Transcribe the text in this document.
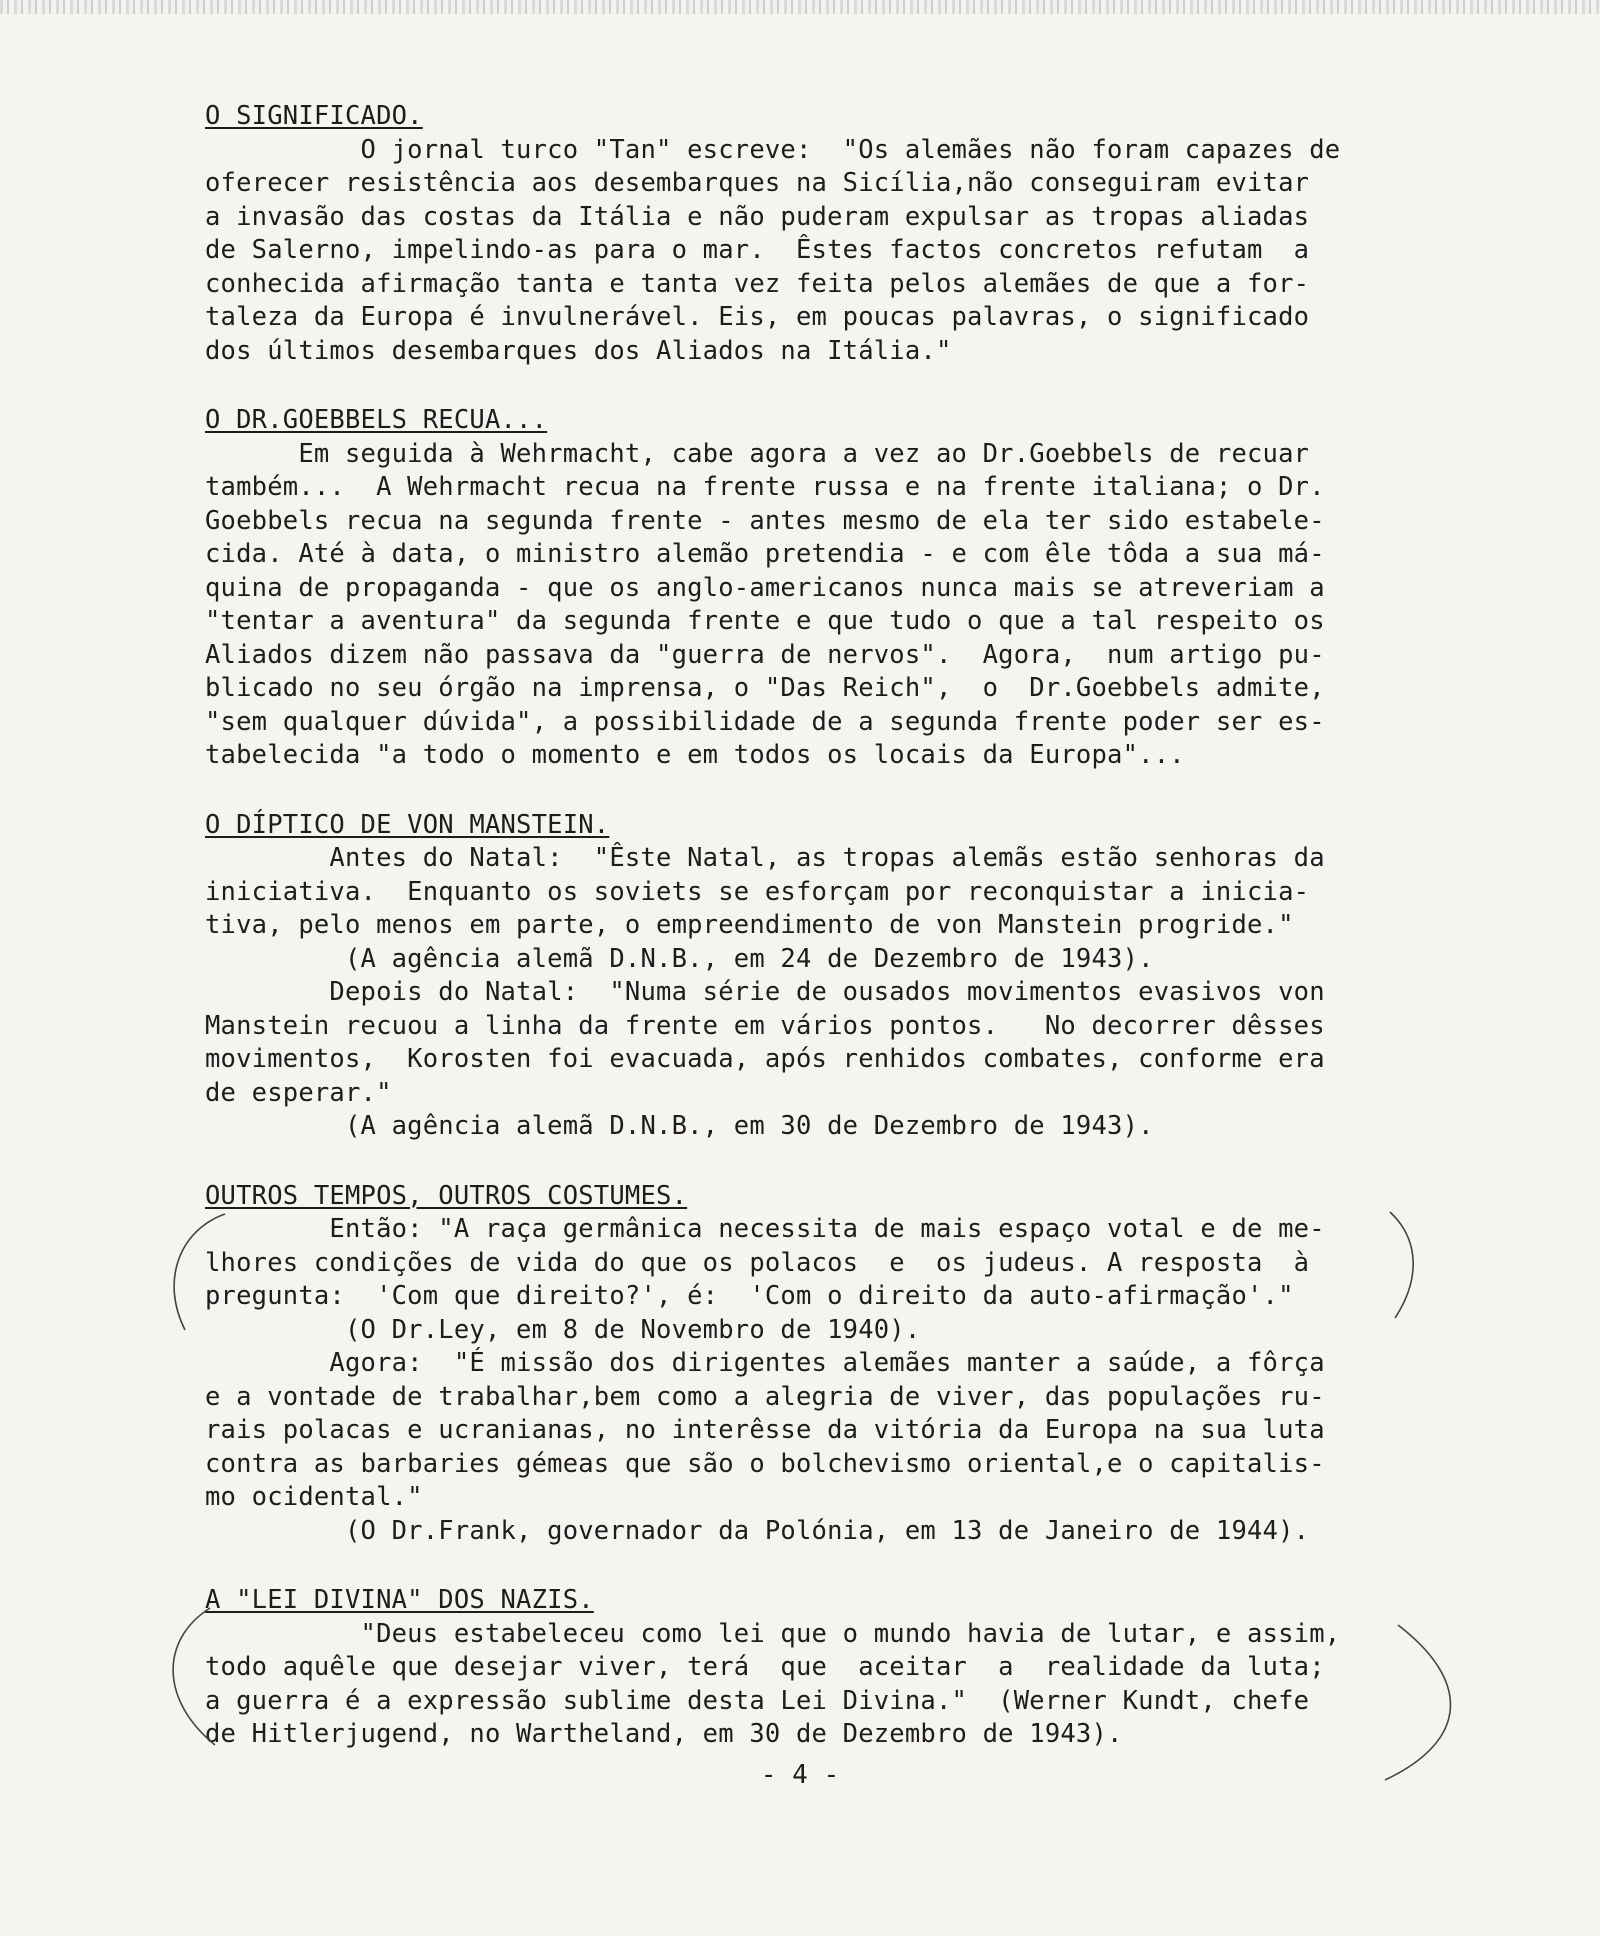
O SIGNIFICADO.
O jornal turco "Tan" escreve:  "Os alemães não foram capazes de
oferecer resistência aos desembarques na Sicília,não conseguiram evitar
a invasão das costas da Itália e não puderam expulsar as tropas aliadas
de Salerno, impelindo-as para o mar.  Êstes factos concretos refutam  a
conhecida afirmação tanta e tanta vez feita pelos alemães de que a for-
taleza da Europa é invulnerável. Eis, em poucas palavras, o significado
dos últimos desembarques dos Aliados na Itália."
O DR.GOEBBELS RECUA...
Em seguida à Wehrmacht, cabe agora a vez ao Dr.Goebbels de recuar
também...  A Wehrmacht recua na frente russa e na frente italiana; o Dr.
Goebbels recua na segunda frente - antes mesmo de ela ter sido estabele-
cida. Até à data, o ministro alemão pretendia - e com êle tôda a sua má-
quina de propaganda - que os anglo-americanos nunca mais se atreveriam a
"tentar a aventura" da segunda frente e que tudo o que a tal respeito os
Aliados dizem não passava da "guerra de nervos".  Agora,  num artigo pu-
blicado no seu órgão na imprensa, o "Das Reich",  o  Dr.Goebbels admite,
"sem qualquer dúvida", a possibilidade de a segunda frente poder ser es-
tabelecida "a todo o momento e em todos os locais da Europa"...
O DÍPTICO DE VON MANSTEIN.
Antes do Natal:  "Êste Natal, as tropas alemãs estão senhoras da
iniciativa.  Enquanto os soviets se esforçam por reconquistar a inicia-
tiva, pelo menos em parte, o empreendimento de von Manstein progride."
(A agência alemã D.N.B., em 24 de Dezembro de 1943).
Depois do Natal:  "Numa série de ousados movimentos evasivos von
Manstein recuou a linha da frente em vários pontos.   No decorrer dêsses
movimentos,  Korosten foi evacuada, após renhidos combates, conforme era
de esperar."
(A agência alemã D.N.B., em 30 de Dezembro de 1943).
OUTROS TEMPOS, OUTROS COSTUMES.
Então: "A raça germânica necessita de mais espaço votal e de me-
lhores condições de vida do que os polacos  e  os judeus. A resposta  à
pregunta:  'Com que direito?', é:  'Com o direito da auto-afirmação'."
(O Dr.Ley, em 8 de Novembro de 1940).
Agora:  "É missão dos dirigentes alemães manter a saúde, a fôrça
e a vontade de trabalhar,bem como a alegria de viver, das populações ru-
rais polacas e ucranianas, no interêsse da vitória da Europa na sua luta
contra as barbaries gémeas que são o bolchevismo oriental,e o capitalis-
mo ocidental."
(O Dr.Frank, governador da Polónia, em 13 de Janeiro de 1944).
A "LEI DIVINA" DOS NAZIS.
"Deus estabeleceu como lei que o mundo havia de lutar, e assim,
todo aquêle que desejar viver, terá  que  aceitar  a  realidade da luta;
a guerra é a expressão sublime desta Lei Divina."  (Werner Kundt, chefe
de Hitlerjugend, no Wartheland, em 30 de Dezembro de 1943).
- 4 -
